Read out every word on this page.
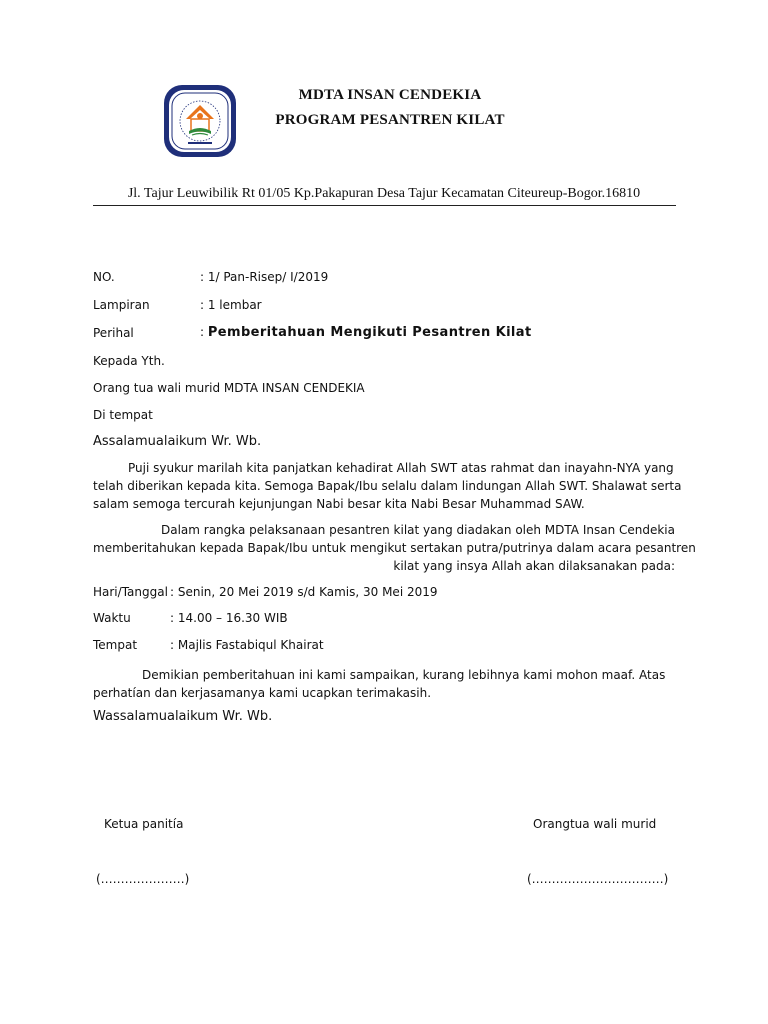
MDTA INSAN CENDEKIA
PROGRAM PESANTREN KILAT
Jl. Tajur Leuwibilik Rt 01/05 Kp.Pakapuran Desa Tajur Kecamatan Citeureup-Bogor.16810
NO.	: 1/ Pan-Risep/ I/2019
Lampiran	: 1 lembar
Perihal	: Pemberitahuan Mengikuti Pesantren Kilat
Kepada Yth.
Orang tua wali murid MDTA INSAN CENDEKIA
Di tempat
Assalamualaikum Wr. Wb.
Puji syukur marilah kita panjatkan kehadirat Allah SWT atas rahmat dan inayahn-NYA yang
telah diberikan kepada kita. Semoga Bapak/Ibu selalu dalam lindungan Allah SWT. Shalawat serta
salam semoga tercurah kejunjungan Nabi besar kita Nabi Besar Muhammad SAW.
Dalam rangka pelaksanaan pesantren kilat yang diadakan oleh MDTA Insan Cendekia
memberitahukan kepada Bapak/Ibu untuk mengikut sertakan putra/putrinya dalam acara pesantren
kilat yang insya Allah akan dilaksanakan pada:
Hari/Tanggal : Senin, 20 Mei 2019 s/d Kamis, 30 Mei 2019
Waktu	: 14.00 – 16.30 WIB
Tempat	: Majlis Fastabiqul Khairat
Demikian pemberitahuan ini kami sampaikan, kurang lebihnya kami mohon maaf. Atas
perhatían dan kerjasamanya kami ucapkan terimakasih.
Wassalamualaikum Wr. Wb.
Ketua panitía	Orangtua wali murid
(…………………)	(……………………………)
